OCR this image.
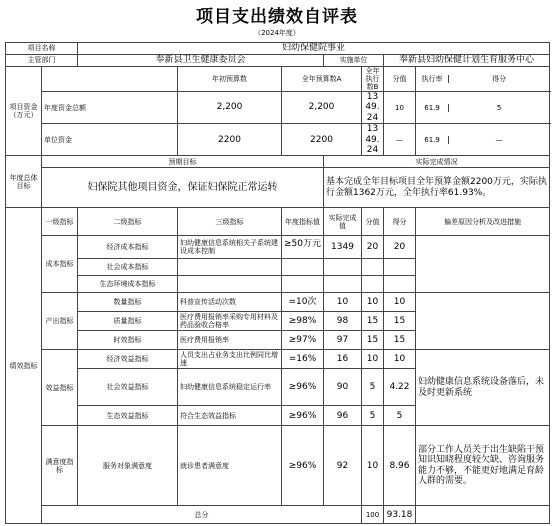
项目支出绩效自评表
（2024年度）
项目名称		妇幼保健院事业						
主管部门		奉新县卫生健康委员会			实施单位		奉新县妇幼保健计划生育服务中心	
项目资金（万元）			年初预算数	全年预算数A		全年执行数B	分值	执行率 得分
	年度资金总额		2,200	2,200		1349.24	10	61.9 5
	单位资金		2200	2200		1349.24	—	61.9 —
年度总体目标	预期目标				实际完成情况			
	妇保院其他项目资金，保证妇保院正常运转				基本完成全年目标项目全年预算金额2200万元，实际执行金额1362万元，全年执行率61.93%。			
绩效指标	一级指标	二级指标	三级指标	年度指标值	实际完成值	分值	得分	偏差原因分析及改进措施
	成本指标	经济成本指标	妇幼健康信息系统相关子系统建设成本控制	≥50万元	1349	20	20	
		社会成本指标						
		生态环境成本指标						
	产出指标	数量指标	科普宣传活动次数	=10次	10	10	10	
		质量指标	医疗费用报销率采购专用材料及药品验收合格率	≥98%	98	15	15	
		时效指标	医疗费用报销率	≥97%	97	15	15	
	效益指标	经济效益指标	人员支出占业务支出比例同比增速	=16%	16	10	10	妇幼健康信息系统设备落后，未及时更新系统
		社会效益指标	妇幼健康信息系统稳定运行率	≥96%	90	5	4.22	
		生态效益指标	符合生态效益指标	≥96%	96	5	5	
	满意度指标	服务对象满意度	就诊患者满意度	≥96%	92	10	8.96	部分工作人员关于出生缺陷干预知识知晓程度较欠缺、咨询服务能力不够，不能更好地满足育龄人群的需要。
	总分					100	93.18	
